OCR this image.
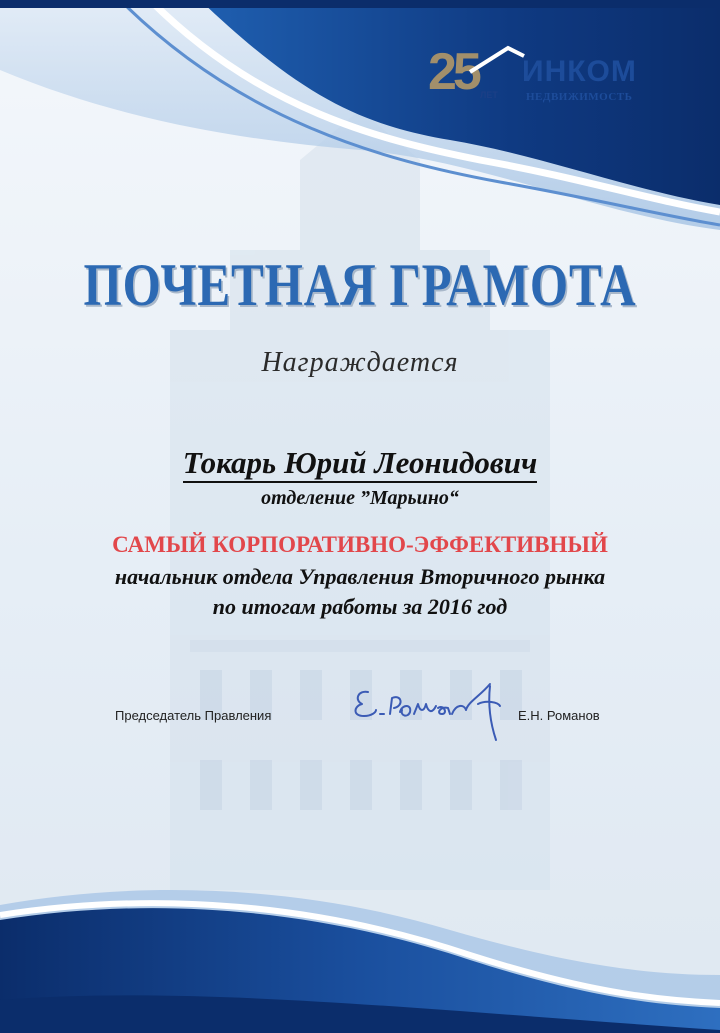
25 ЛЕТ
ИНКОМ
НЕДВИЖИМОСТЬ
ПОЧЕТНАЯ ГРАМОТА
Награждается
Токарь Юрий Леонидович
отделение ”Марьино“
САМЫЙ КОРПОРАТИВНО-ЭФФЕКТИВНЫЙ
начальник отдела Управления Вторичного рынка
по итогам работы за 2016 год
Председатель Правления	Е.Н. Романов
